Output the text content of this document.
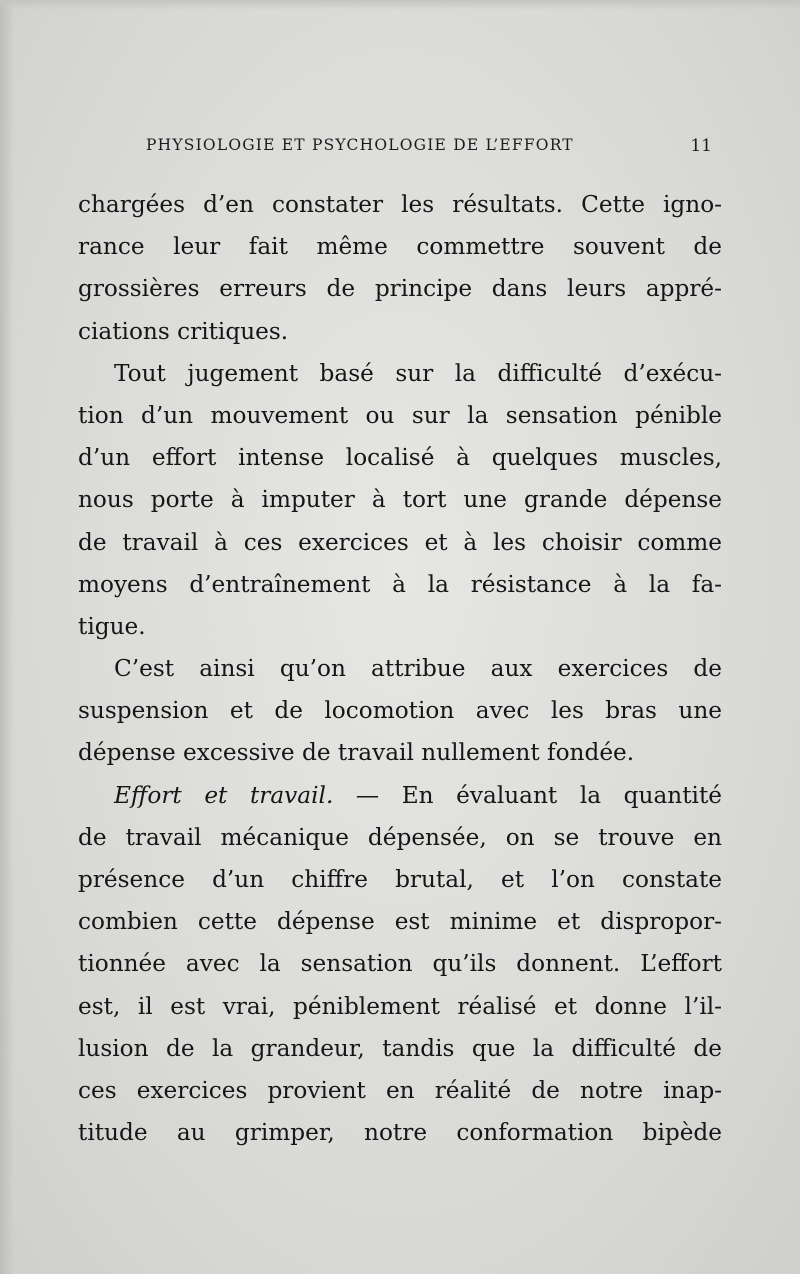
PHYSIOLOGIE ET PSYCHOLOGIE DE L’EFFORT	11
chargées d’en constater les résultats. Cette igno-
rance leur fait même commettre souvent de
grossières erreurs de principe dans leurs appré-
ciations critiques.
Tout jugement basé sur la difficulté d’exécu-
tion d’un mouvement ou sur la sensation pénible
d’un effort intense localisé à quelques muscles,
nous porte à imputer à tort une grande dépense
de travail à ces exercices et à les choisir comme
moyens d’entraînement à la résistance à la fa-
tigue.
C’est ainsi qu’on attribue aux exercices de
suspension et de locomotion avec les bras une
dépense excessive de travail nullement fondée.
Effort et travail. — En évaluant la quantité
de travail mécanique dépensée, on se trouve en
présence d’un chiffre brutal, et l’on constate
combien cette dépense est minime et dispropor-
tionnée avec la sensation qu’ils donnent. L’effort
est, il est vrai, péniblement réalisé et donne l’il-
lusion de la grandeur, tandis que la difficulté de
ces exercices provient en réalité de notre inap-
titude au grimper, notre conformation bipède
